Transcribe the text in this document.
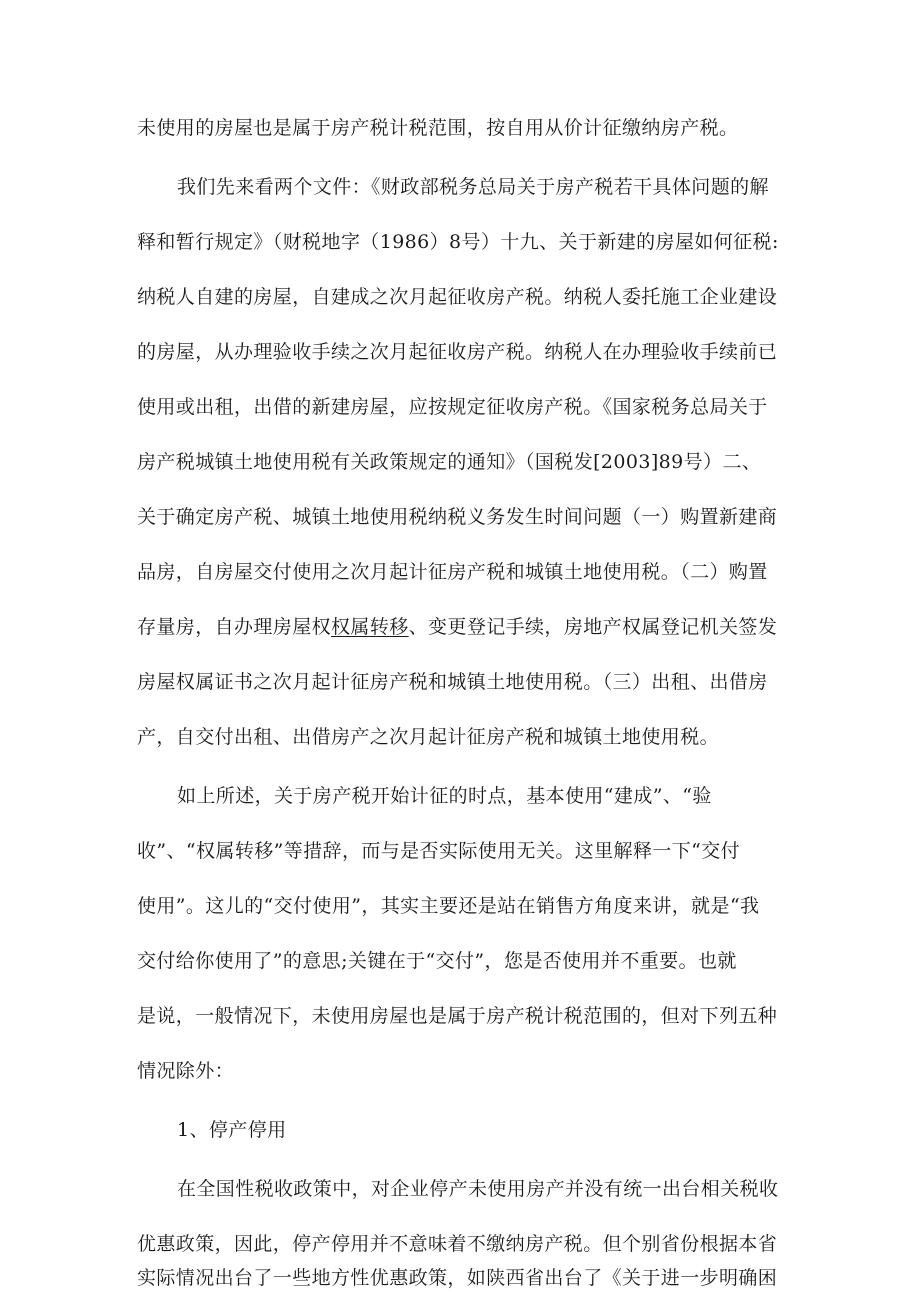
未使用的房屋也是属于房产税计税范围，按自用从价计征缴纳房产税。
我们先来看两个文件：《财政部税务总局关于房产税若干具体问题的解
释和暂行规定》（财税地字（1986）8号）十九、关于新建的房屋如何征税:
纳税人自建的房屋，自建成之次月起征收房产税。纳税人委托施工企业建设
的房屋，从办理验收手续之次月起征收房产税。纳税人在办理验收手续前已
使用或出租，出借的新建房屋，应按规定征收房产税。《国家税务总局关于
房产税城镇土地使用税有关政策规定的通知》（国税发[2003]89号）二、
关于确定房产税、城镇土地使用税纳税义务发生时间问题（一）购置新建商
品房，自房屋交付使用之次月起计征房产税和城镇土地使用税。（二）购置
存量房，自办理房屋权权属转移、变更登记手续，房地产权属登记机关签发
房屋权属证书之次月起计征房产税和城镇土地使用税。（三）出租、出借房
产，自交付出租、出借房产之次月起计征房产税和城镇土地使用税。
如上所述，关于房产税开始计征的时点，基本使用“建成”、“验
收”、“权属转移”等措辞，而与是否实际使用无关。这里解释一下“交付
使用”。这儿的“交付使用”，其实主要还是站在销售方角度来讲，就是“我
交付给你使用了”的意思;关键在于“交付”，您是否使用并不重要。也就
是说，一般情况下，未使用房屋也是属于房产税计税范围的，但对下列五种
情况除外：
1、停产停用
在全国性税收政策中，对企业停产未使用房产并没有统一出台相关税收
优惠政策，因此，停产停用并不意味着不缴纳房产税。但个别省份根据本省
实际情况出台了一些地方性优惠政策，如陕西省出台了《关于进一步明确困
